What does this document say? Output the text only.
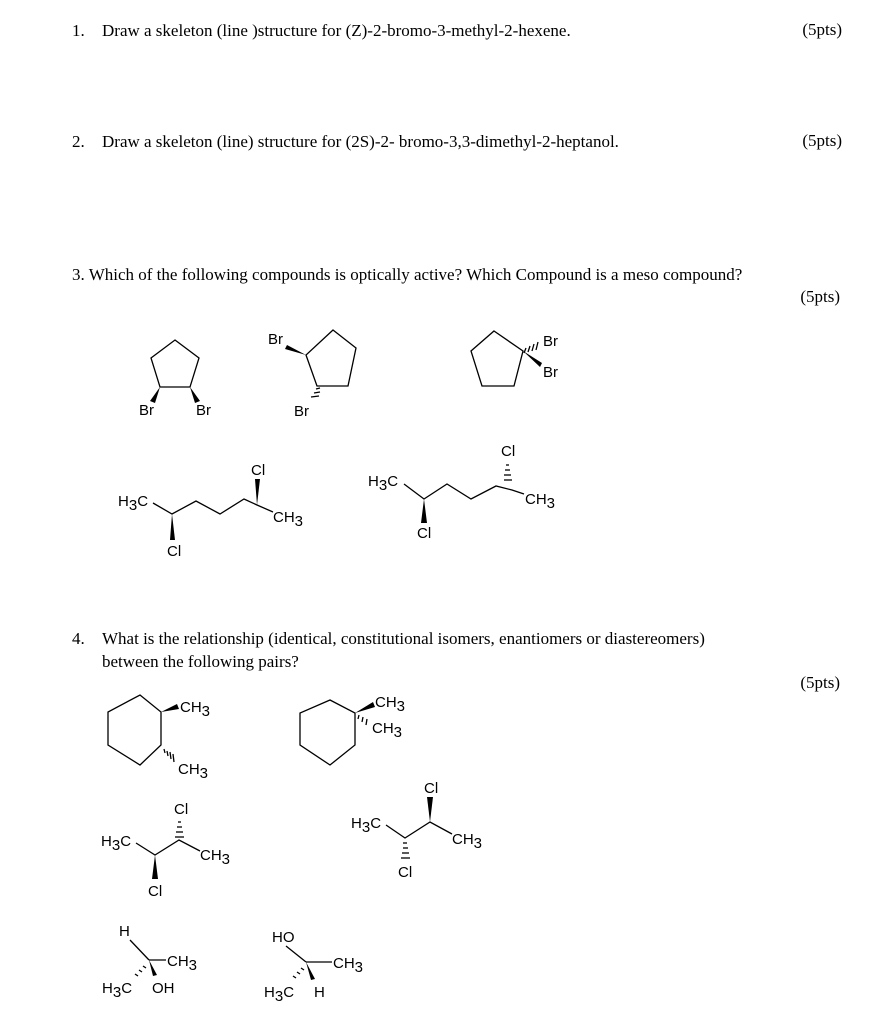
1. Draw a skeleton (line )structure for (Z)-2-bromo-3-methyl-2-hexene.	(5pts)

2. Draw a skeleton (line) structure for (2S)-2- bromo-3,3-dimethyl-2-heptanol.	(5pts)

3. Which of the following compounds is optically active? Which Compound is a meso compound?

(5pts)

4. What is the relationship (identical, constitutional isomers, enantiomers or diastereomers)

between the following pairs?

(5pts)
Br	Br
Br
Br
Br
Br
H3C
Cl
Cl
CH3
H3C
Cl
Cl
CH3
CH3
CH3
CH3
CH3
H3C
Cl
Cl
CH3
H3C
Cl
Cl
CH3
H
CH3
H3C OH
HO
CH3
H3C H
